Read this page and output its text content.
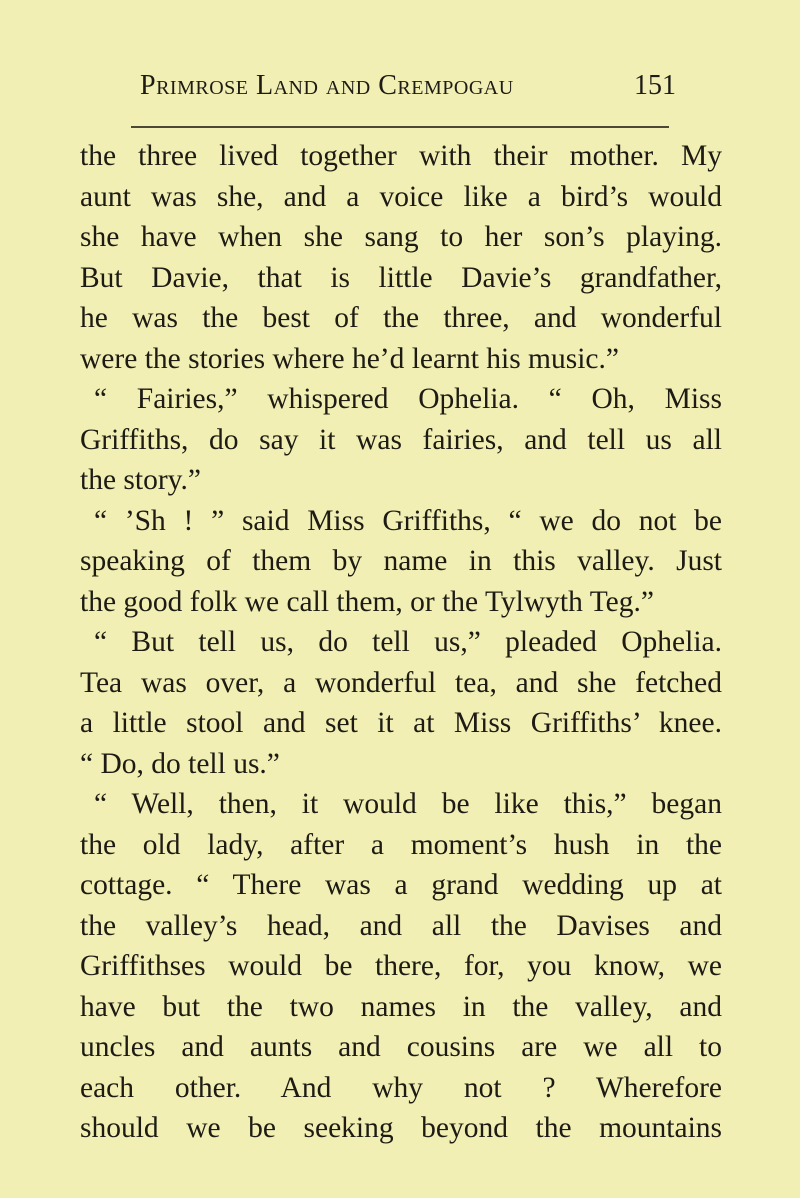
Primrose Land and Crempogau	151
the three lived together with their mother. My
aunt was she, and a voice like a bird’s would
she have when she sang to her son’s playing.
But Davie, that is little Davie’s grandfather,
he was the best of the three, and wonderful
were the stories where he’d learnt his music.”
“ Fairies,” whispered Ophelia. “ Oh, Miss
Griffiths, do say it was fairies, and tell us all
the story.”
“ ’Sh ! ” said Miss Griffiths, “ we do not be
speaking of them by name in this valley. Just
the good folk we call them, or the Tylwyth Teg.”
“ But tell us, do tell us,” pleaded Ophelia.
Tea was over, a wonderful tea, and she fetched
a little stool and set it at Miss Griffiths’ knee.
“ Do, do tell us.”
“ Well, then, it would be like this,” began
the old lady, after a moment’s hush in the
cottage. “ There was a grand wedding up at
the valley’s head, and all the Davises and
Griffithses would be there, for, you know, we
have but the two names in the valley, and
uncles and aunts and cousins are we all to
each other. And why not ? Wherefore
should we be seeking beyond the mountains
